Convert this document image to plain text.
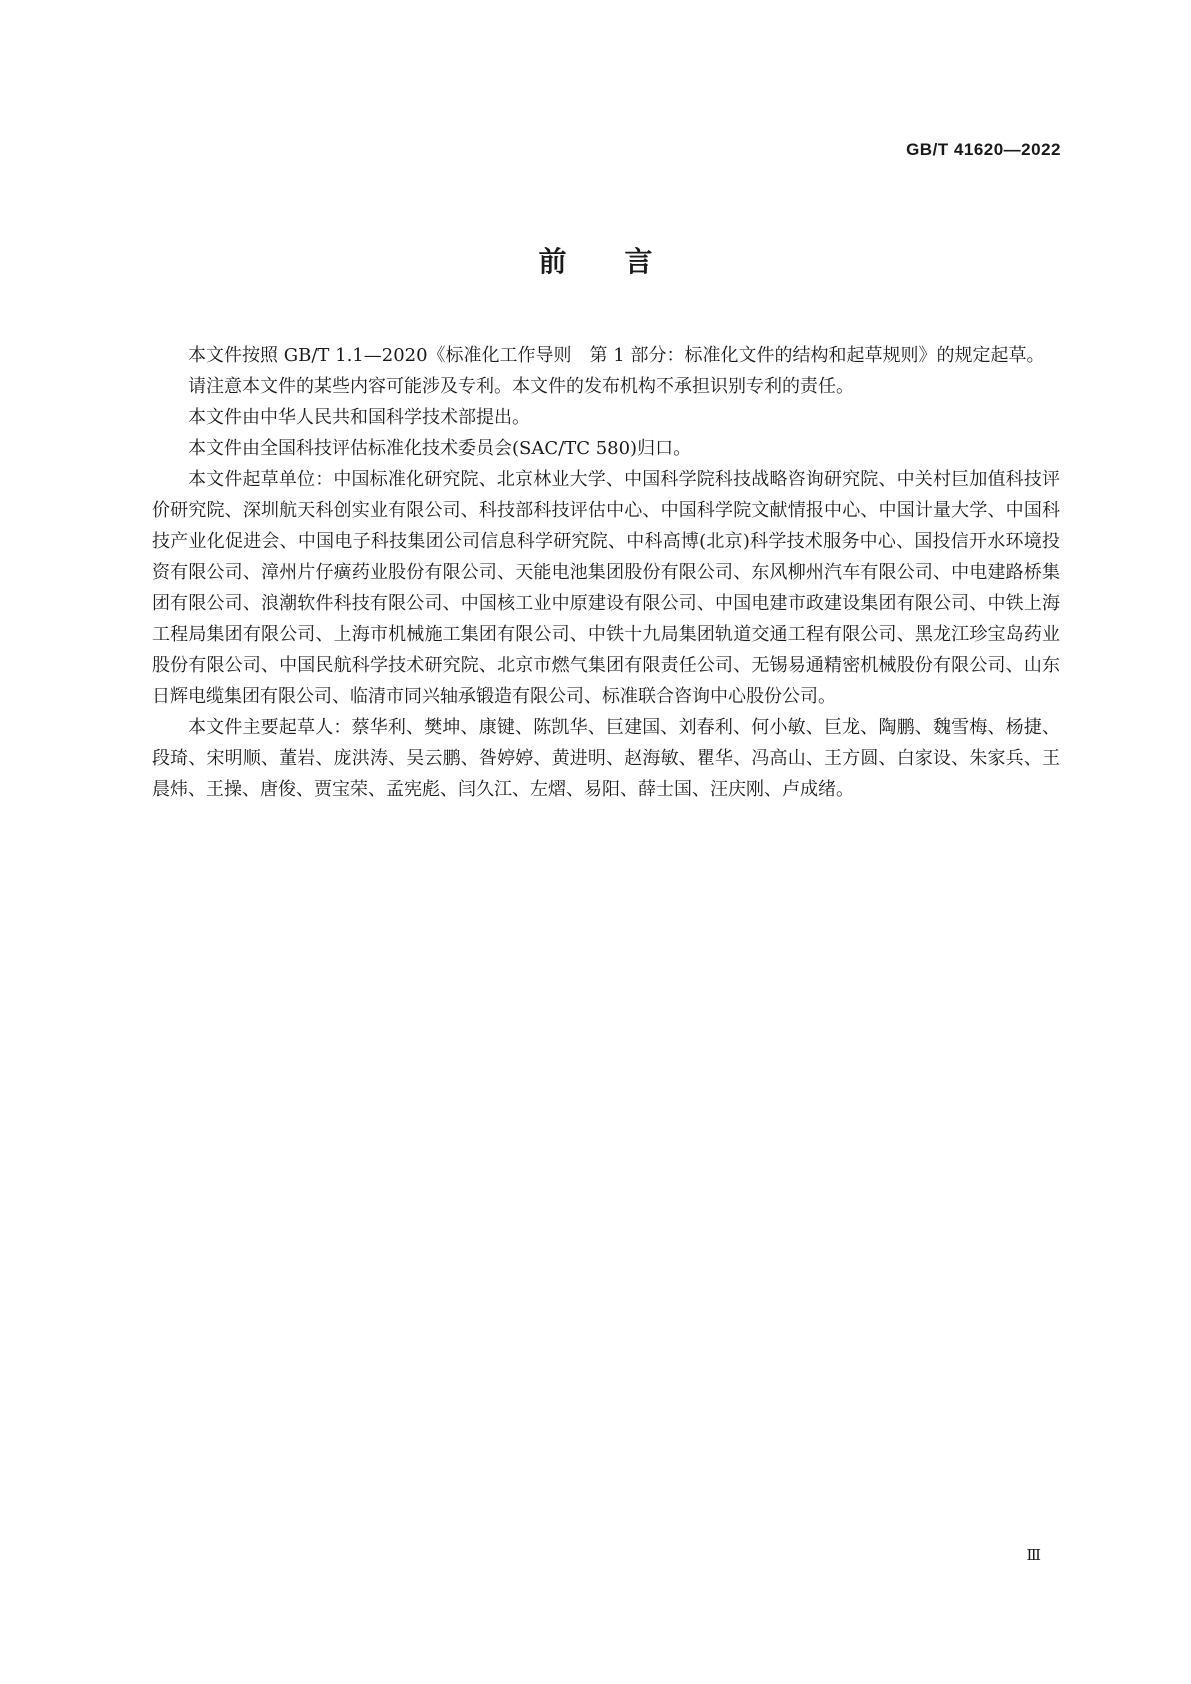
GB/T 41620—2022
前言

本文件按照 GB/T 1.1—2020《标准化工作导则　第 1 部分：标准化文件的结构和起草规则》的规定起草。

请注意本文件的某些内容可能涉及专利。本文件的发布机构不承担识别专利的责任。

本文件由中华人民共和国科学技术部提出。

本文件由全国科技评估标准化技术委员会(SAC/TC 580)归口。

本文件起草单位：中国标准化研究院、北京林业大学、中国科学院科技战略咨询研究院、中关村巨加值科技评价研究院、深圳航天科创实业有限公司、科技部科技评估中心、中国科学院文献情报中心、中国计量大学、中国科技产业化促进会、中国电子科技集团公司信息科学研究院、中科高博(北京)科学技术服务中心、国投信开水环境投资有限公司、漳州片仔癀药业股份有限公司、天能电池集团股份有限公司、东风柳州汽车有限公司、中电建路桥集团有限公司、浪潮软件科技有限公司、中国核工业中原建设有限公司、中国电建市政建设集团有限公司、中铁上海工程局集团有限公司、上海市机械施工集团有限公司、中铁十九局集团轨道交通工程有限公司、黑龙江珍宝岛药业股份有限公司、中国民航科学技术研究院、北京市燃气集团有限责任公司、无锡易通精密机械股份有限公司、山东日辉电缆集团有限公司、临清市同兴轴承锻造有限公司、标准联合咨询中心股份公司。

本文件主要起草人：蔡华利、樊坤、康键、陈凯华、巨建国、刘春利、何小敏、巨龙、陶鹏、魏雪梅、杨捷、段琦、宋明顺、董岩、庞洪涛、吴云鹏、昝婷婷、黄进明、赵海敏、瞿华、冯高山、王方圆、白家设、朱家兵、王晨炜、王操、唐俊、贾宝荣、孟宪彪、闫久江、左熠、易阳、薛士国、汪庆刚、卢成绪。

Ⅲ
